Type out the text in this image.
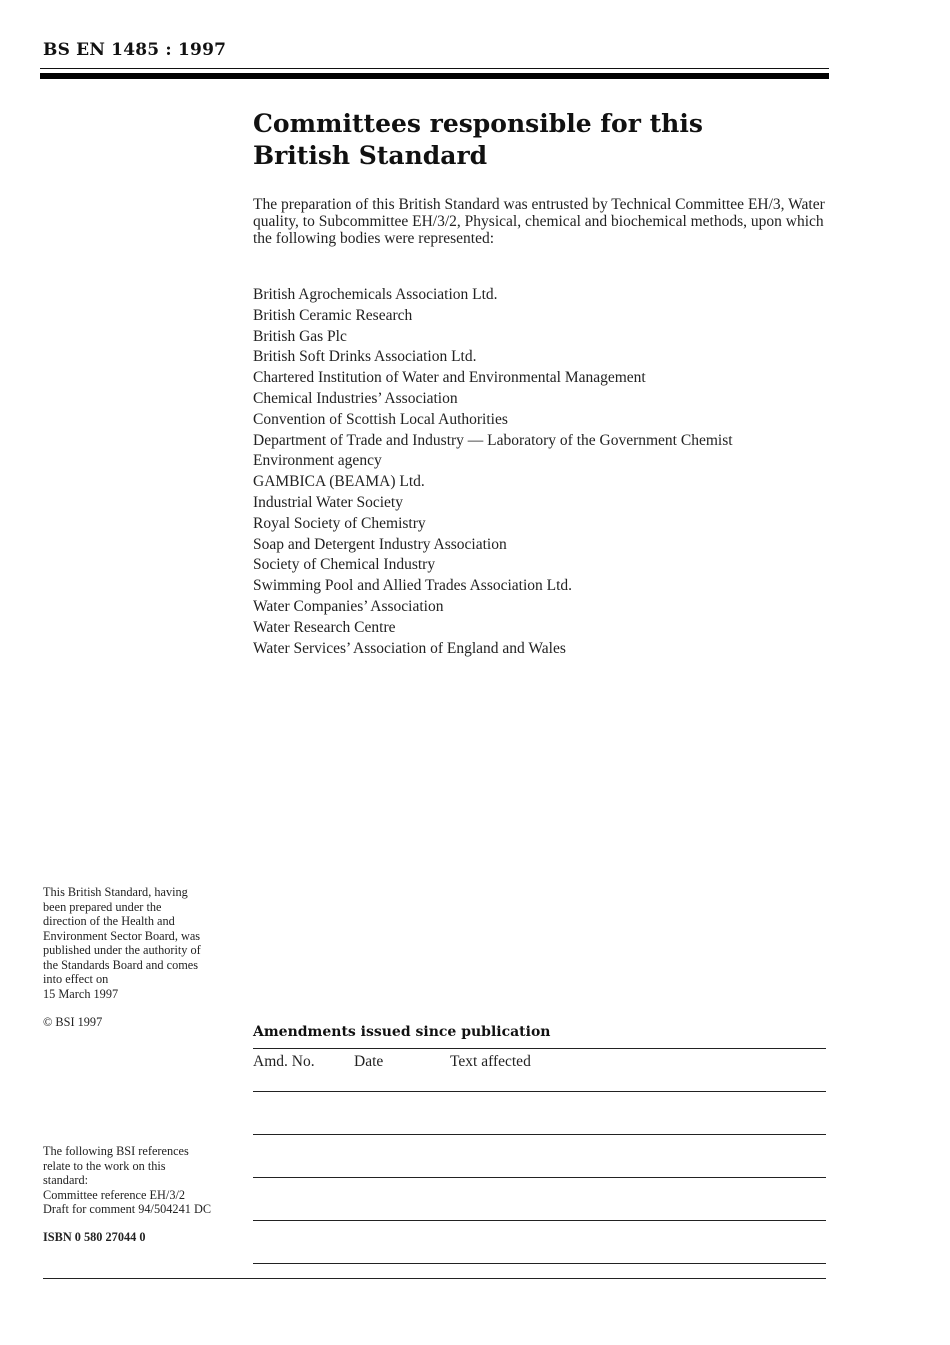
BS EN 1485 : 1997
Committees responsible for this
British Standard

The preparation of this British Standard was entrusted by Technical Committee EH/3, Water quality, to Subcommittee EH/3/2, Physical, chemical and biochemical methods, upon which the following bodies were represented:

British Agrochemicals Association Ltd.
British Ceramic Research
British Gas Plc
British Soft Drinks Association Ltd.
Chartered Institution of Water and Environmental Management
Chemical Industries’ Association
Convention of Scottish Local Authorities
Department of Trade and Industry — Laboratory of the Government Chemist
Environment agency
GAMBICA (BEAMA) Ltd.
Industrial Water Society
Royal Society of Chemistry
Soap and Detergent Industry Association
Society of Chemical Industry
Swimming Pool and Allied Trades Association Ltd.
Water Companies’ Association
Water Research Centre
Water Services’ Association of England and Wales
This British Standard, having
been prepared under the
direction of the Health and
Environment Sector Board, was
published under the authority of
the Standards Board and comes
into effect on
15 March 1997
© BSI 1997
The following BSI references
relate to the work on this
standard:
Committee reference EH/3/2
Draft for comment 94/504241 DC
ISBN 0 580 27044 0
Amendments issued since publication
Amd. No.	Date	Text affected
